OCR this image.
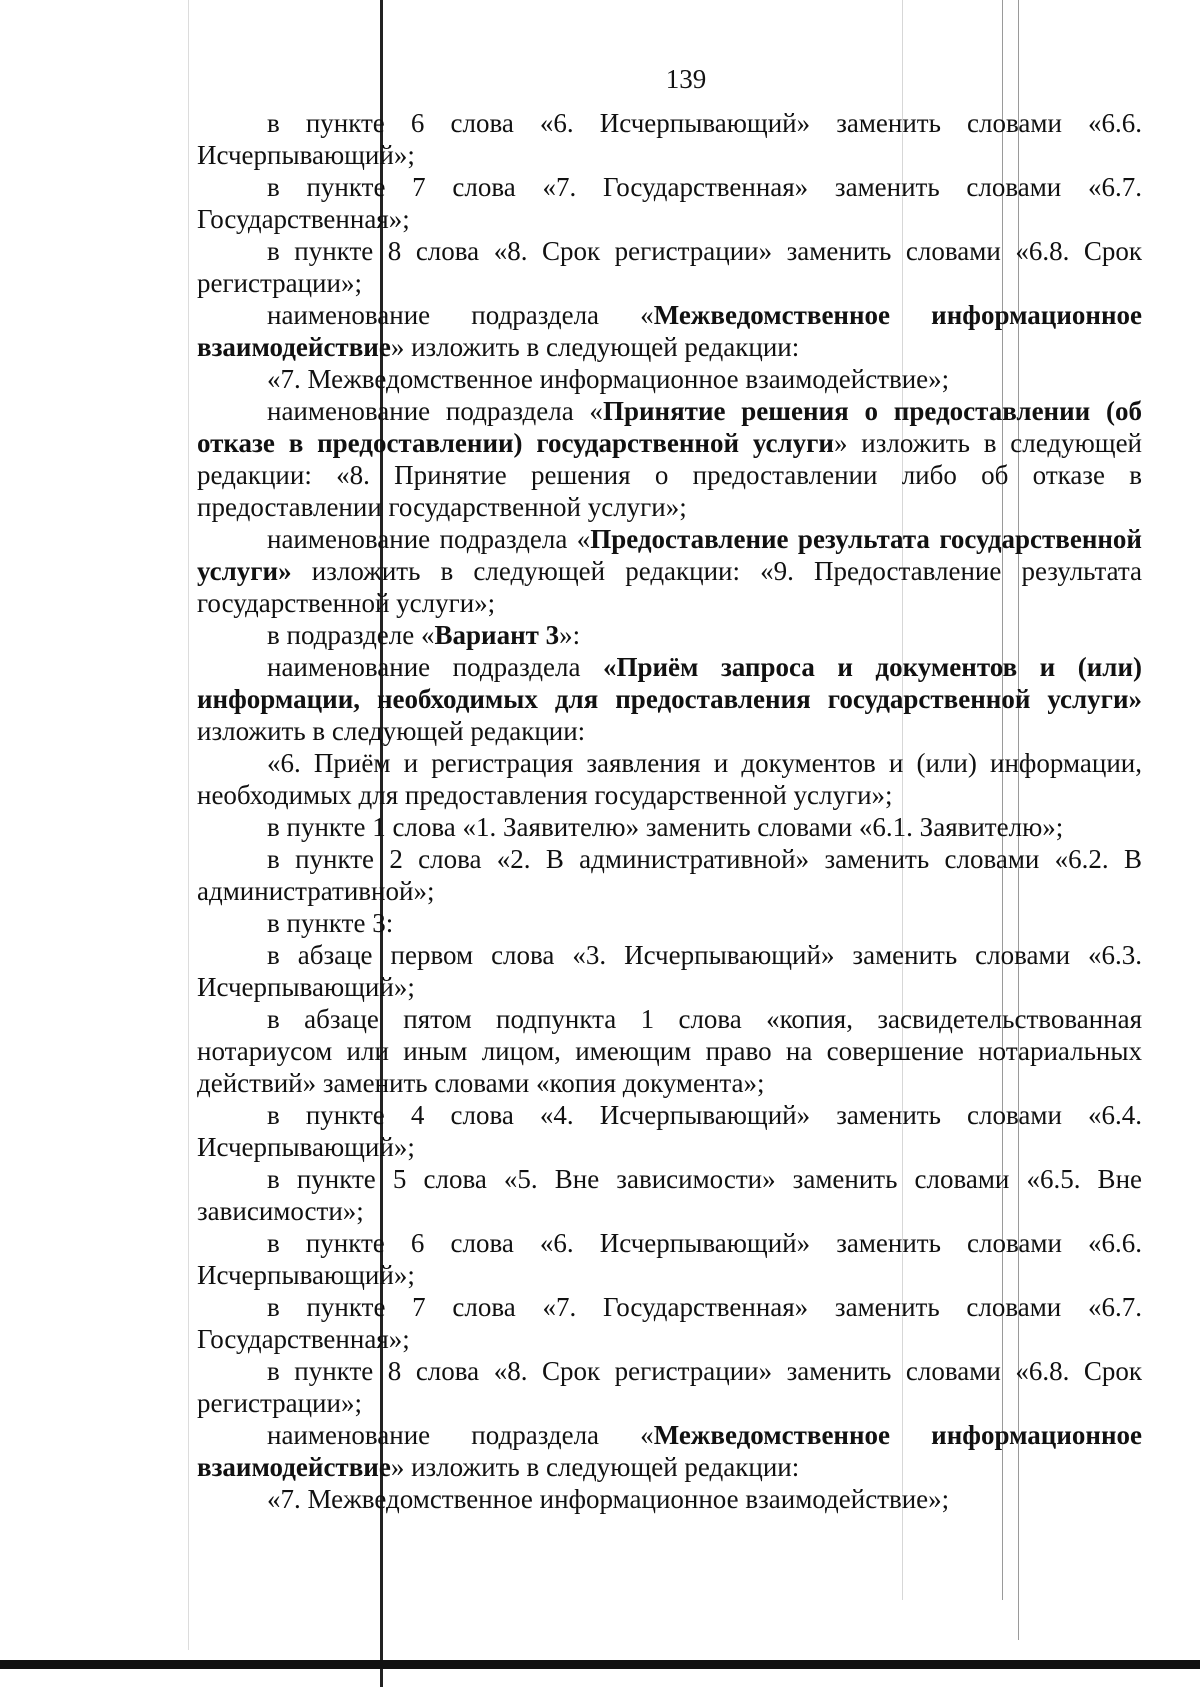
139

в пункте 6 слова «6. Исчерпывающий» заменить словами «6.6. Исчерпывающий»;

в пункте 7 слова «7. Государственная» заменить словами «6.7. Государственная»;

в пункте 8 слова «8. Срок регистрации» заменить словами «6.8. Срок регистрации»;

наименование подраздела «Межведомственное информационное взаимодействие» изложить в следующей редакции:

«7. Межведомственное информационное взаимодействие»;

наименование подраздела «Принятие решения о предоставлении (об отказе в предоставлении) государственной услуги» изложить в следующей редакции: «8. Принятие решения о предоставлении либо об отказе в предоставлении государственной услуги»;

наименование подраздела «Предоставление результата государственной услуги» изложить в следующей редакции: «9. Предоставление результата государственной услуги»;

в подразделе «Вариант 3»:

наименование подраздела «Приём запроса и документов и (или) информации, необходимых для предоставления государственной услуги» изложить в следующей редакции:

«6. Приём и регистрация заявления и документов и (или) информации, необходимых для предоставления государственной услуги»;

в пункте 1 слова «1. Заявителю» заменить словами «6.1. Заявителю»;

в пункте 2 слова «2. В административной» заменить словами «6.2. В административной»;

в пункте 3:

в абзаце первом слова «3. Исчерпывающий» заменить словами «6.3. Исчерпывающий»;

в абзаце пятом подпункта 1 слова «копия, засвидетельствованная нотариусом или иным лицом, имеющим право на совершение нотариальных действий» заменить словами «копия документа»;

в пункте 4 слова «4. Исчерпывающий» заменить словами «6.4. Исчерпывающий»;

в пункте 5 слова «5. Вне зависимости» заменить словами «6.5. Вне зависимости»;

в пункте 6 слова «6. Исчерпывающий» заменить словами «6.6. Исчерпывающий»;

в пункте 7 слова «7. Государственная» заменить словами «6.7. Государственная»;

в пункте 8 слова «8. Срок регистрации» заменить словами «6.8. Срок регистрации»;

наименование подраздела «Межведомственное информационное взаимодействие» изложить в следующей редакции:

«7. Межведомственное информационное взаимодействие»;
